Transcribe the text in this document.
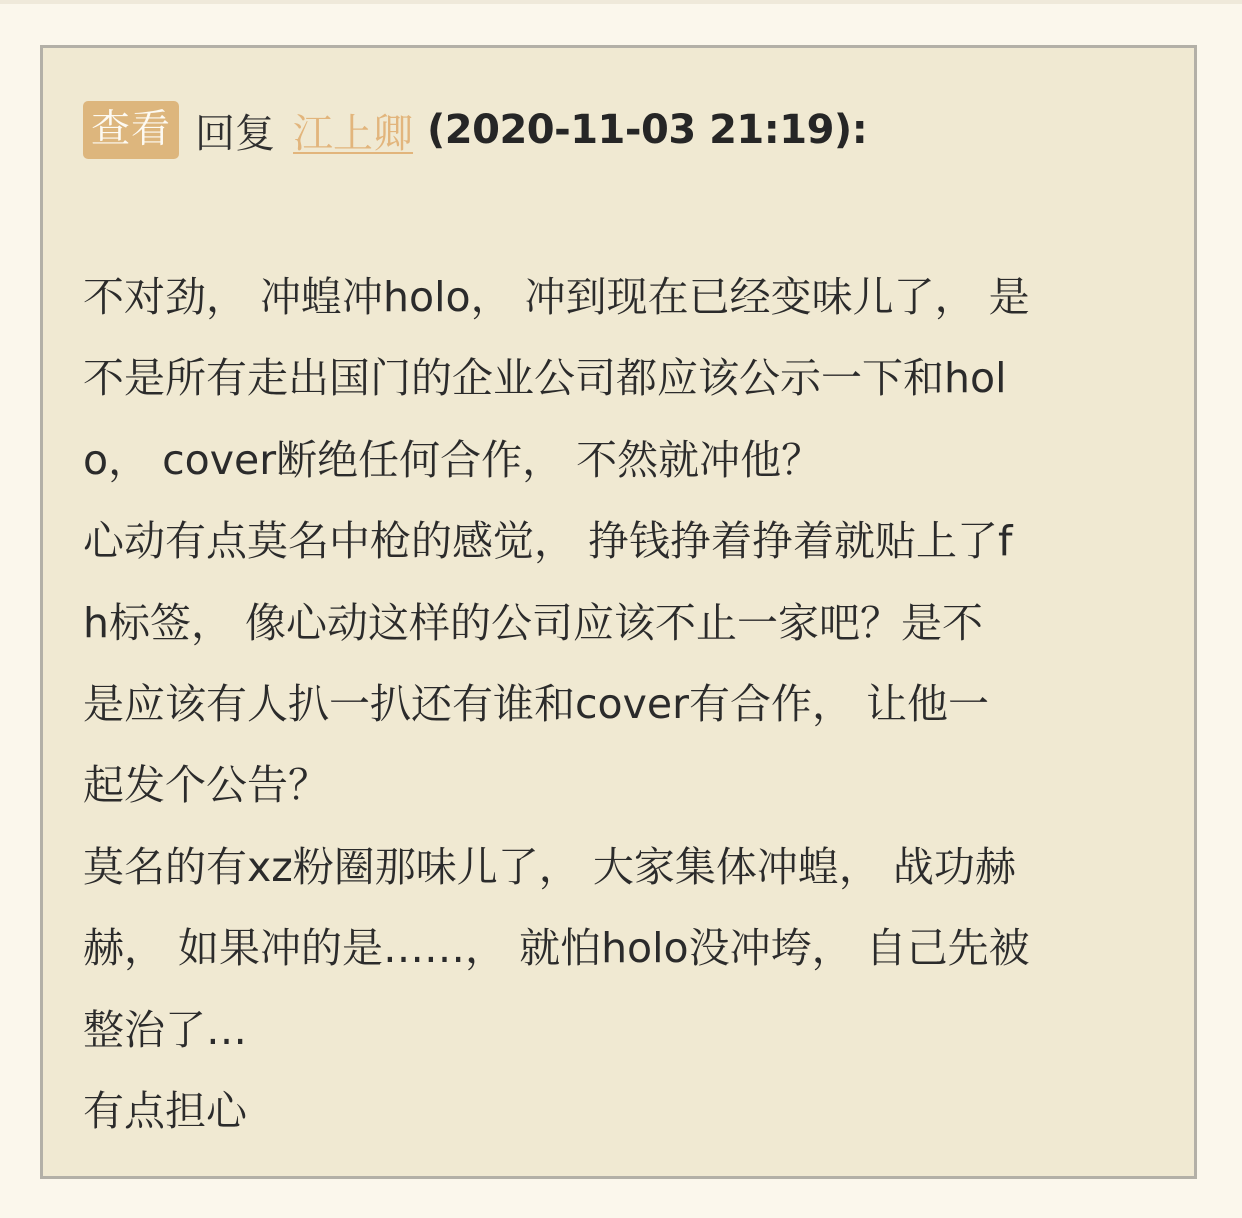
查看 回复 江上卿 (2020-11-03 21:19):
不对劲， 冲蝗冲holo， 冲到现在已经变味儿了， 是
不是所有走出国门的企业公司都应该公示一下和hol
o， cover断绝任何合作， 不然就冲他？
心动有点莫名中枪的感觉， 挣钱挣着挣着就贴上了f
h标签， 像心动这样的公司应该不止一家吧？是不
是应该有人扒一扒还有谁和cover有合作， 让他一
起发个公告？
莫名的有xz粉圈那味儿了， 大家集体冲蝗， 战功赫
赫， 如果冲的是……， 就怕holo没冲垮， 自己先被
整治了…
有点担心
